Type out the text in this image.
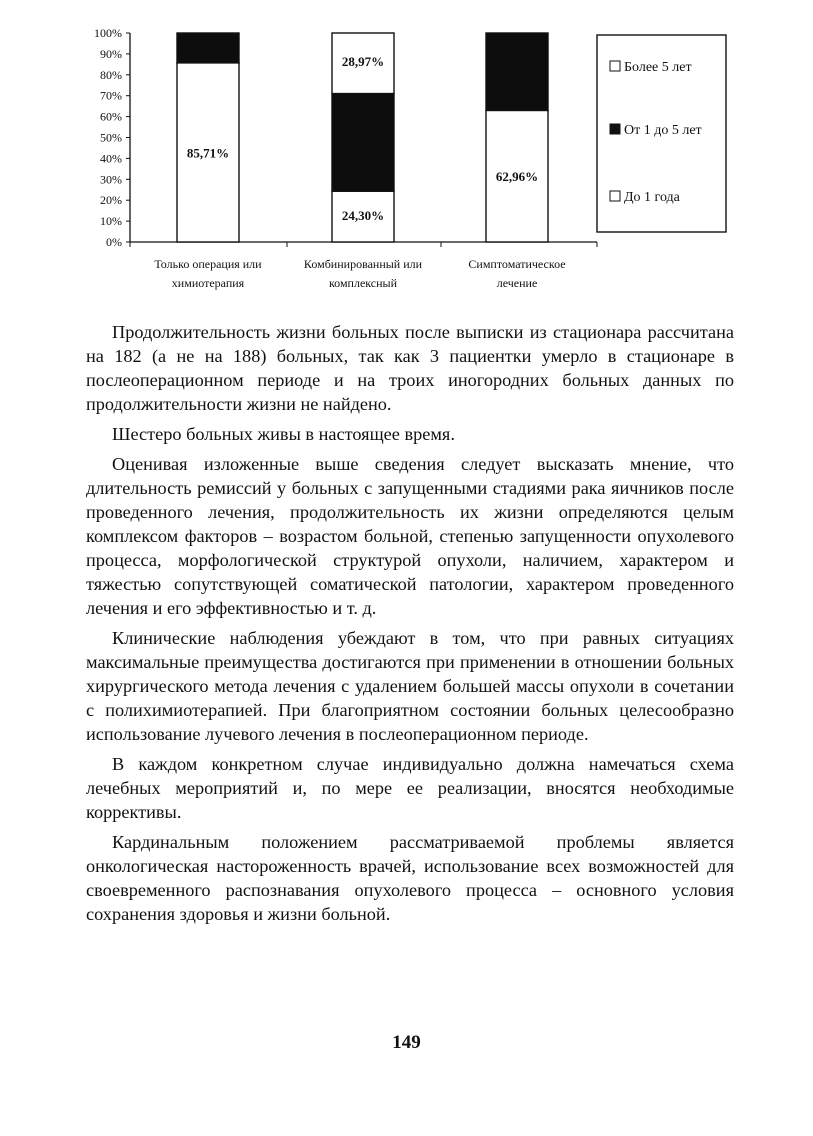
0%
10%
20%
30%
40%
50%
60%
70%
80%
90%
100%
Только операция или
химиотерапия
Комбинированный или
комплексный
Симптоматическое
лечение
85,71%
24,30%
28,97%
62,96%
Более 5 лет
От 1 до 5 лет
До 1 года

Продолжительность жизни больных после выписки из стационара рассчитана на 182 (а не на 188) больных, так как 3 пациентки умерло в стационаре в послеоперационном периоде и на троих иногородних больных данных по продолжительности жизни не найдено.

Шестеро больных живы в настоящее время.

Оценивая изложенные выше сведения следует высказать мнение, что длительность ремиссий у больных с запущенными стадиями рака яичников после проведенного лечения, продолжительность их жизни определяются целым комплексом факторов – возрастом больной, степенью запущенности опухолевого процесса, морфологической структурой опухоли, наличием, характером и тяжестью сопутствующей соматической патологии, характером проведенного лечения и его эффективностью и т. д.

Клинические наблюдения убеждают в том, что при равных ситуациях максимальные преимущества достигаются при применении в отношении больных хирургического метода лечения с удалением большей массы опухоли в сочетании с полихимиотерапией. При благоприятном состоянии больных целесообразно использование лучевого лечения в послеоперационном периоде.

В каждом конкретном случае индивидуально должна намечаться схема лечебных мероприятий и, по мере ее реализации, вносятся необходимые коррективы.

Кардинальным положением рассматриваемой проблемы является онкологическая настороженность врачей, использование всех возможностей для своевременного распознавания опухолевого процесса – основного условия сохранения здоровья и жизни больной.

149
